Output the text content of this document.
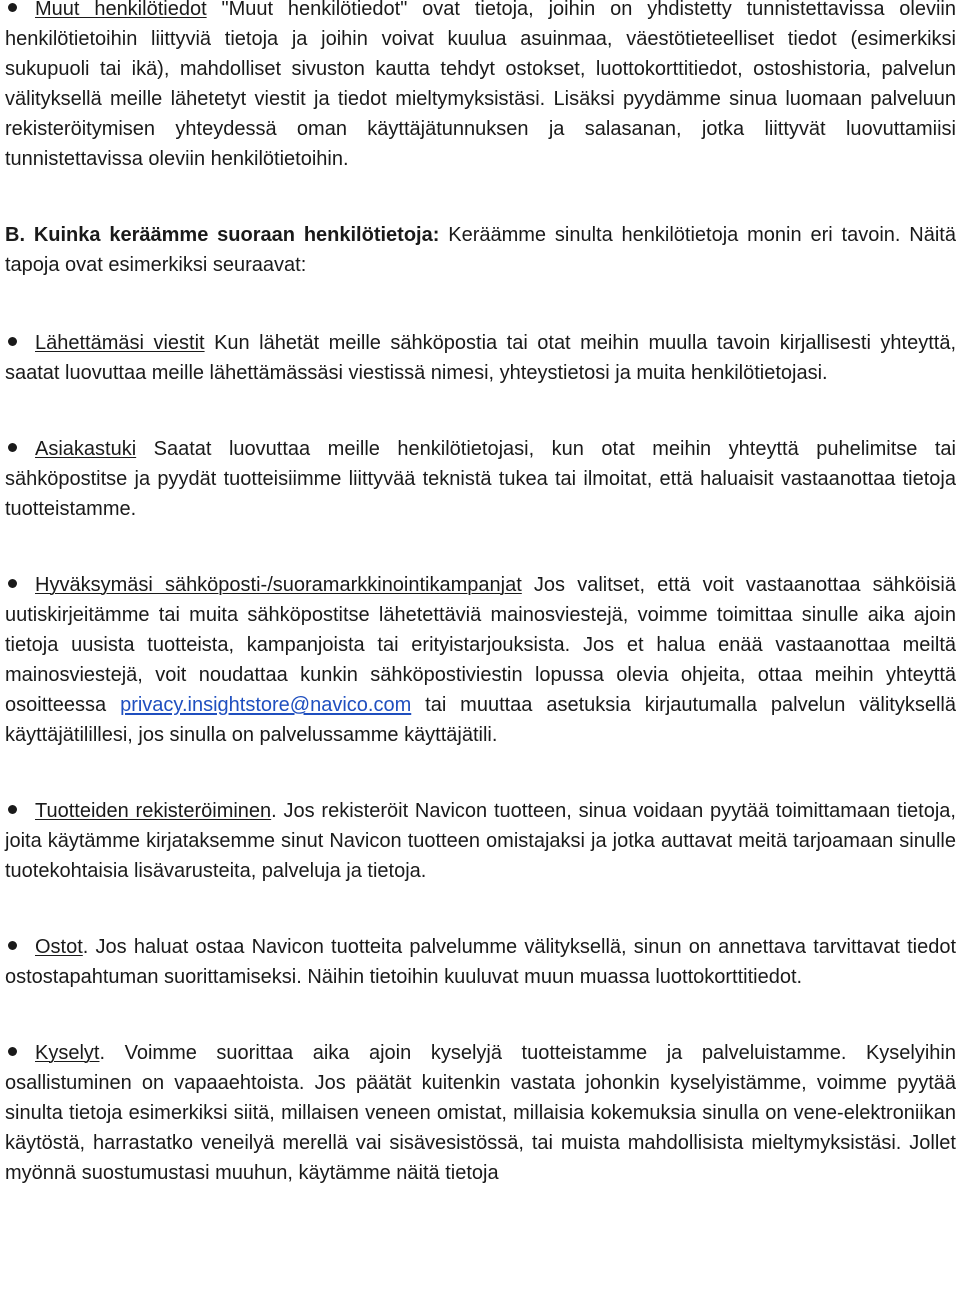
Muut henkilötiedot "Muut henkilötiedot" ovat tietoja, joihin on yhdistetty tunnistettavissa oleviin henkilötietoihin liittyviä tietoja ja joihin voivat kuulua asuinmaa, väestötieteelliset tiedot (esimerkiksi sukupuoli tai ikä), mahdolliset sivuston kautta tehdyt ostokset, luottokorttitiedot, ostoshistoria, palvelun välityksellä meille lähetetyt viestit ja tiedot mieltymyksistäsi. Lisäksi pyydämme sinua luomaan palveluun rekisteröitymisen yhteydessä oman käyttäjätunnuksen ja salasanan, jotka liittyvät luovuttamiisi tunnistettavissa oleviin henkilötietoihin.

B. Kuinka keräämme suoraan henkilötietoja: Keräämme sinulta henkilötietoja monin eri tavoin. Näitä tapoja ovat esimerkiksi seuraavat:

Lähettämäsi viestit Kun lähetät meille sähköpostia tai otat meihin muulla tavoin kirjallisesti yhteyttä, saatat luovuttaa meille lähettämässäsi viestissä nimesi, yhteystietosi ja muita henkilötietojasi.

Asiakastuki Saatat luovuttaa meille henkilötietojasi, kun otat meihin yhteyttä puhelimitse tai sähköpostitse ja pyydät tuotteisiimme liittyvää teknistä tukea tai ilmoitat, että haluaisit vastaanottaa tietoja tuotteistamme.

Hyväksymäsi sähköposti-/suoramarkkinointikampanjat Jos valitset, että voit vastaanottaa sähköisiä uutiskirjeitämme tai muita sähköpostitse lähetettäviä mainosviestejä, voimme toimittaa sinulle aika ajoin tietoja uusista tuotteista, kampanjoista tai erityistarjouksista. Jos et halua enää vastaanottaa meiltä mainosviestejä, voit noudattaa kunkin sähköpostiviestin lopussa olevia ohjeita, ottaa meihin yhteyttä osoitteessa privacy.insightstore@navico.com tai muuttaa asetuksia kirjautumalla palvelun välityksellä käyttäjätilillesi, jos sinulla on palvelussamme käyttäjätili.

Tuotteiden rekisteröiminen. Jos rekisteröit Navicon tuotteen, sinua voidaan pyytää toimittamaan tietoja, joita käytämme kirjataksemme sinut Navicon tuotteen omistajaksi ja jotka auttavat meitä tarjoamaan sinulle tuotekohtaisia lisävarusteita, palveluja ja tietoja.

Ostot. Jos haluat ostaa Navicon tuotteita palvelumme välityksellä, sinun on annettava tarvittavat tiedot ostostapahtuman suorittamiseksi. Näihin tietoihin kuuluvat muun muassa luottokorttitiedot.

Kyselyt. Voimme suorittaa aika ajoin kyselyjä tuotteistamme ja palveluistamme. Kyselyihin osallistuminen on vapaaehtoista. Jos päätät kuitenkin vastata johonkin kyselyistämme, voimme pyytää sinulta tietoja esimerkiksi siitä, millaisen veneen omistat, millaisia kokemuksia sinulla on vene-elektroniikan käytöstä, harrastatko veneilyä merellä vai sisävesistössä, tai muista mahdollisista mieltymyksistäsi. Jollet myönnä suostumustasi muuhun, käytämme näitä tietoja
